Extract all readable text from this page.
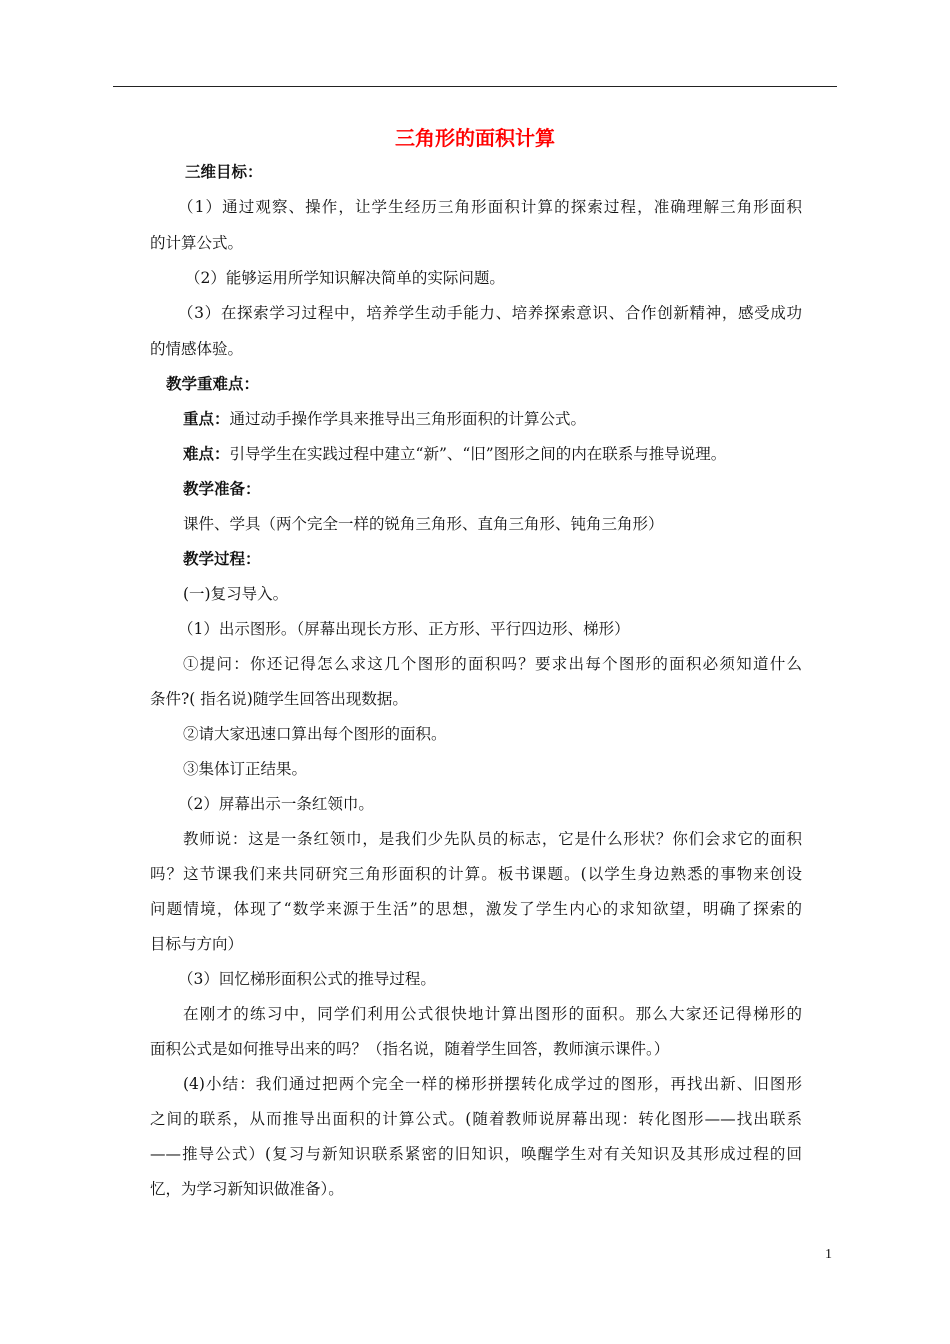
三角形的面积计算
三维目标：
（1）通过观察、操作，让学生经历三角形面积计算的探索过程，准确理解三角形面积
的计算公式。
（2）能够运用所学知识解决简单的实际问题。
（3）在探索学习过程中，培养学生动手能力、培养探索意识、合作创新精神，感受成功
的情感体验。
教学重难点：
重点：通过动手操作学具来推导出三角形面积的计算公式。
难点：引导学生在实践过程中建立“新”、“旧”图形之间的内在联系与推导说理。
教学准备：
课件、学具（两个完全一样的锐角三角形、直角三角形、钝角三角形）
教学过程：
(一)复习导入。
（1）出示图形。（屏幕出现长方形、正方形、平行四边形、梯形）
①提问：你还记得怎么求这几个图形的面积吗？要求出每个图形的面积必须知道什么
条件?( 指名说)随学生回答出现数据。
②请大家迅速口算出每个图形的面积。
③集体订正结果。
（2）屏幕出示一条红领巾。
教师说：这是一条红领巾，是我们少先队员的标志，它是什么形状？你们会求它的面积
吗？这节课我们来共同研究三角形面积的计算。板书课题。(以学生身边熟悉的事物来创设
问题情境，体现了“数学来源于生活”的思想，激发了学生内心的求知欲望，明确了探索的
目标与方向）
（3）回忆梯形面积公式的推导过程。
在刚才的练习中，同学们利用公式很快地计算出图形的面积。那么大家还记得梯形的
面积公式是如何推导出来的吗？（指名说，随着学生回答，教师演示课件。）
(4)小结：我们通过把两个完全一样的梯形拼摆转化成学过的图形，再找出新、旧图形
之间的联系，从而推导出面积的计算公式。(随着教师说屏幕出现：转化图形——找出联系
——推导公式）(复习与新知识联系紧密的旧知识，唤醒学生对有关知识及其形成过程的回
忆，为学习新知识做准备）。
1
